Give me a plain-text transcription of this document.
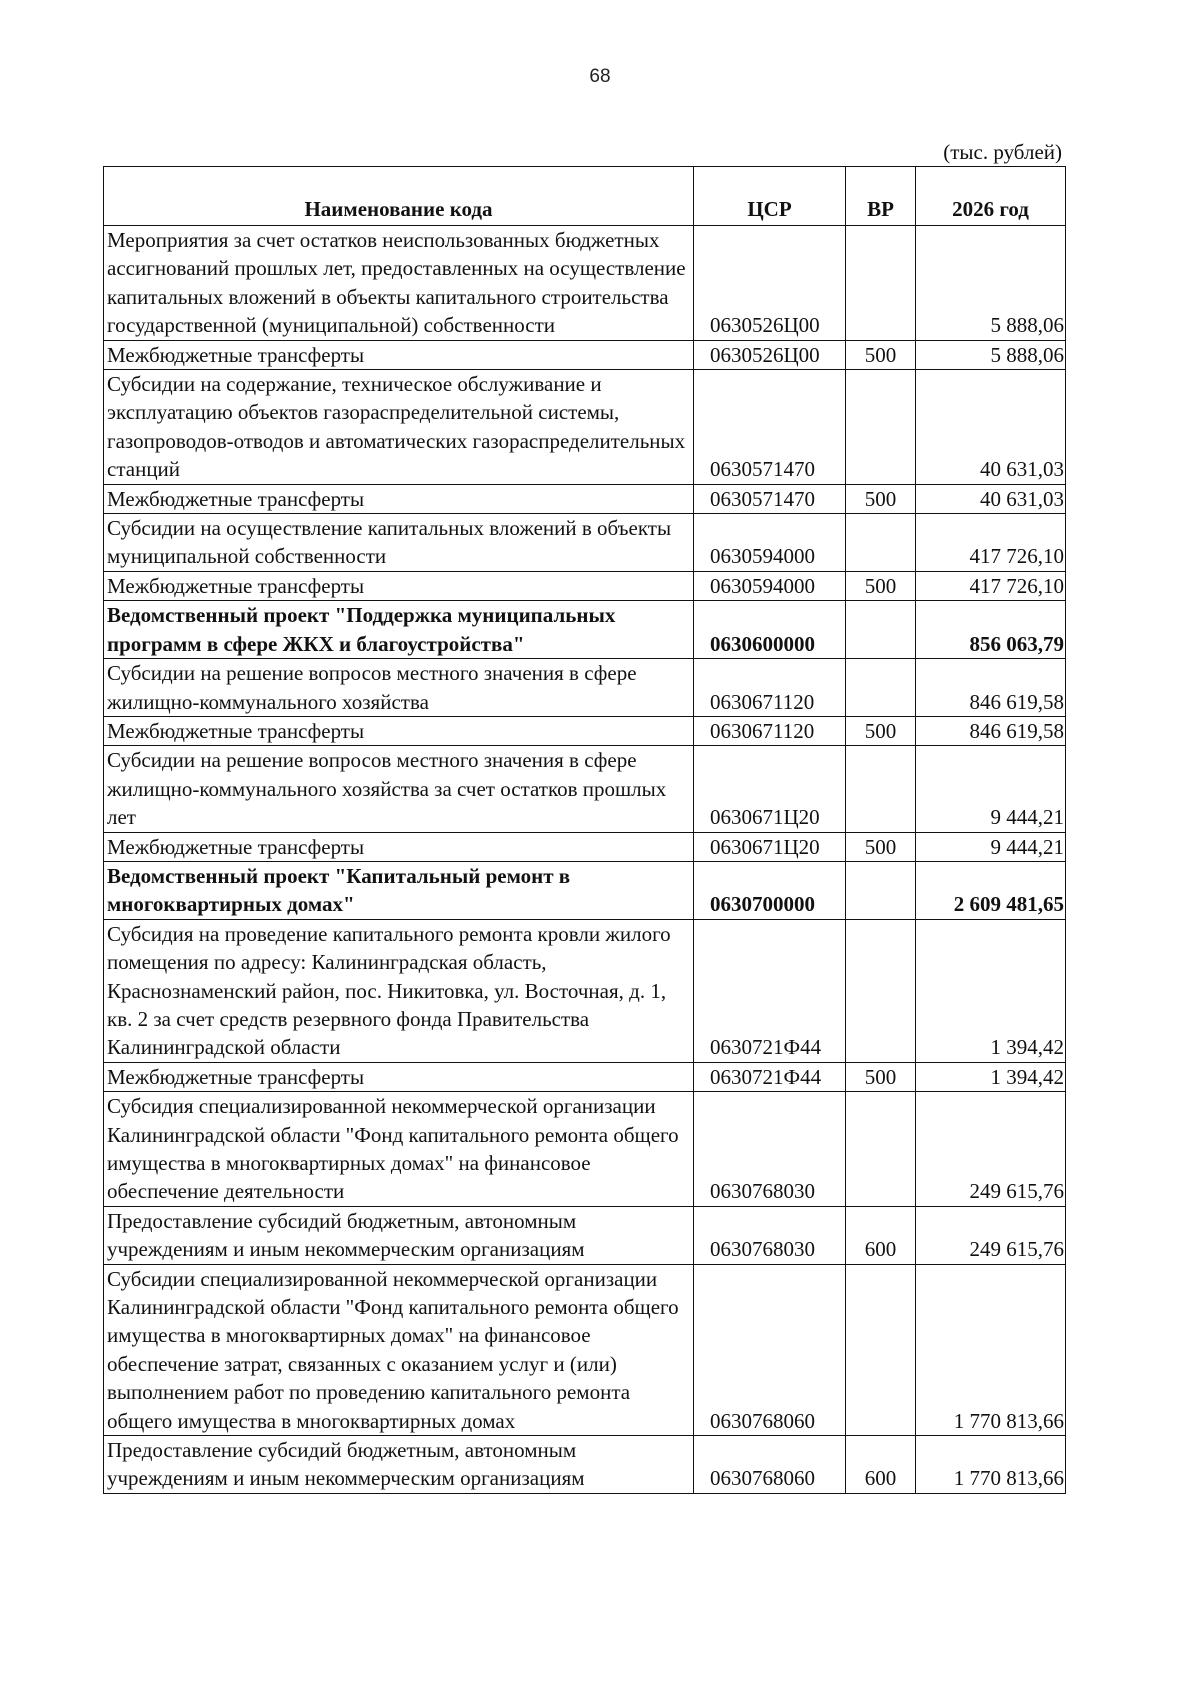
68
(тыс. рублей)
Наименование кода	ЦСР	ВР	2026 год
Мероприятия за счет остатков неиспользованных бюджетных ассигнований прошлых лет, предоставленных на осуществление капитальных вложений в объекты капитального строительства государственной (муниципальной) собственности	0630526Ц00		5 888,06
Межбюджетные трансферты	0630526Ц00	500	5 888,06
Субсидии на содержание, техническое обслуживание и эксплуатацию объектов газораспределительной системы, газопроводов-отводов и автоматических газораспределительных станций	0630571470		40 631,03
Межбюджетные трансферты	0630571470	500	40 631,03
Субсидии на осуществление капитальных вложений в объекты муниципальной собственности	0630594000		417 726,10
Межбюджетные трансферты	0630594000	500	417 726,10
Ведомственный проект "Поддержка муниципальных программ в сфере ЖКХ и благоустройства"	0630600000		856 063,79
Субсидии на решение вопросов местного значения в сфере жилищно-коммунального хозяйства	0630671120		846 619,58
Межбюджетные трансферты	0630671120	500	846 619,58
Субсидии на решение вопросов местного значения в сфере жилищно-коммунального хозяйства за счет остатков прошлых лет	0630671Ц20		9 444,21
Межбюджетные трансферты	0630671Ц20	500	9 444,21
Ведомственный проект "Капитальный ремонт в многоквартирных домах"	0630700000		2 609 481,65
Субсидия на проведение капитального ремонта кровли жилого помещения по адресу: Калининградская область, Краснознаменский район, пос. Никитовка, ул. Восточная, д. 1, кв. 2 за счет средств резервного фонда Правительства Калининградской области	0630721Ф44		1 394,42
Межбюджетные трансферты	0630721Ф44	500	1 394,42
Субсидия специализированной некоммерческой организации Калининградской области "Фонд капитального ремонта общего имущества в многоквартирных домах" на финансовое обеспечение деятельности	0630768030		249 615,76
Предоставление субсидий бюджетным, автономным учреждениям и иным некоммерческим организациям	0630768030	600	249 615,76
Субсидии специализированной некоммерческой организации Калининградской области "Фонд капитального ремонта общего имущества в многоквартирных домах" на финансовое обеспечение затрат, связанных с оказанием услуг и (или) выполнением работ по проведению капитального ремонта общего имущества в многоквартирных домах	0630768060		1 770 813,66
Предоставление субсидий бюджетным, автономным учреждениям и иным некоммерческим организациям	0630768060	600	1 770 813,66
